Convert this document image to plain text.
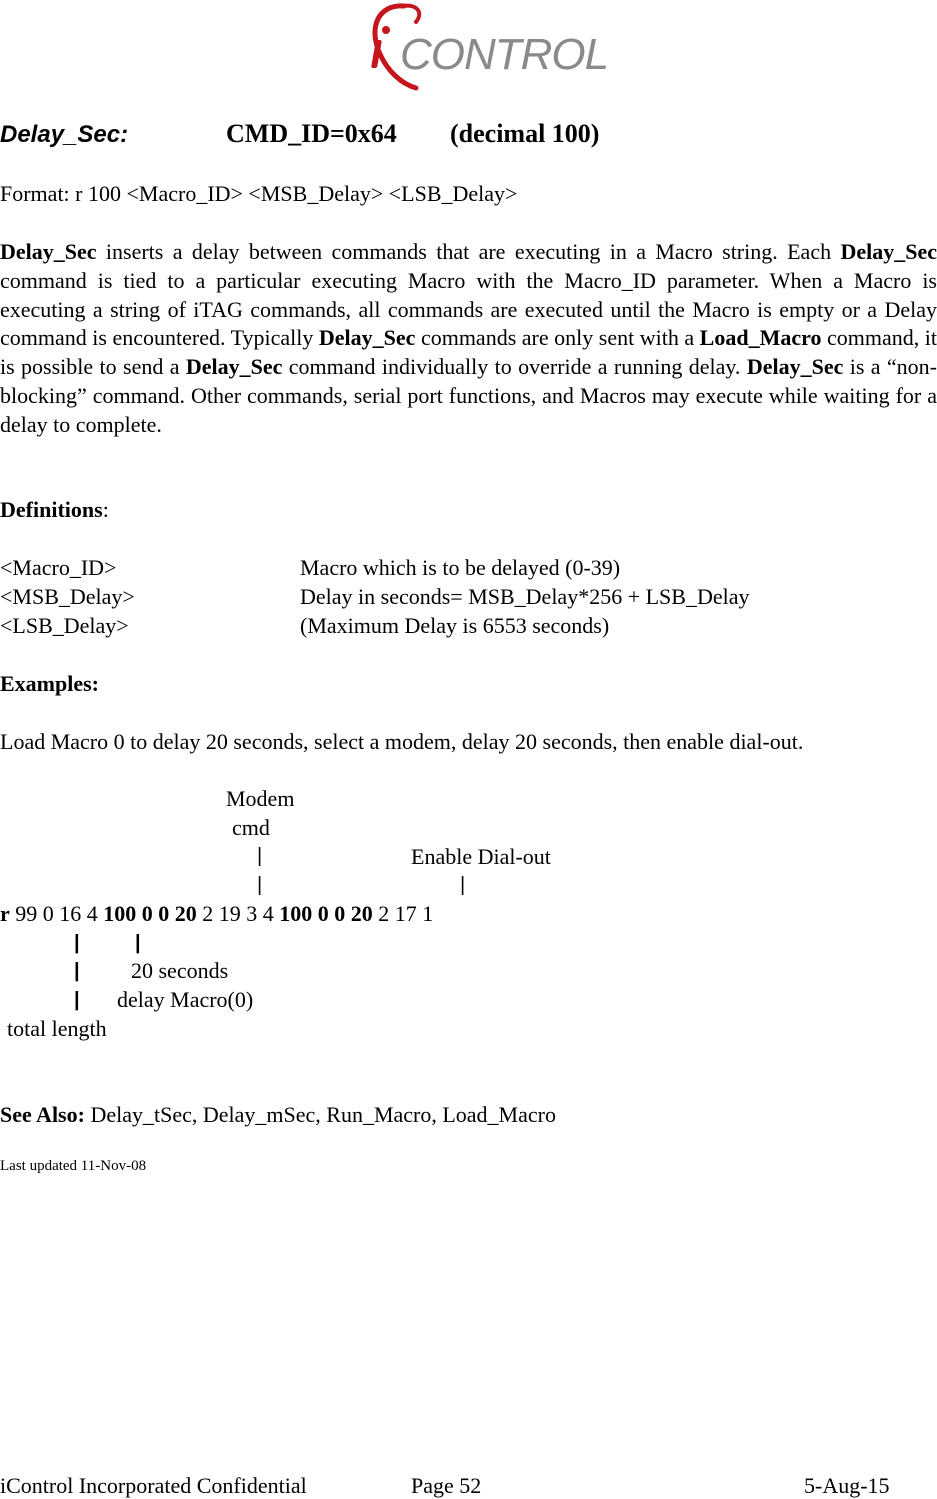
CONTROL
Delay_Sec:	CMD_ID=0x64 (decimal 100)
Format: r 100 <Macro_ID> <MSB_Delay> <LSB_Delay>
Delay_Sec inserts a delay between commands that are executing in a Macro string. Each Delay_Sec command is tied to a particular executing Macro with the Macro_ID parameter. When a Macro is executing a string of iTAG commands, all commands are executed until the Macro is empty or a Delay command is encountered. Typically Delay_Sec commands are only sent with a Load_Macro command, it is possible to send a Delay_Sec command individually to override a running delay. Delay_Sec is a “non-blocking” command. Other commands, serial port functions, and Macros may execute while waiting for a delay to complete.
Definitions:
<Macro_ID>	Macro which is to be delayed (0-39)
<MSB_Delay>	Delay in seconds= MSB_Delay*256 + LSB_Delay
<LSB_Delay>	(Maximum Delay is 6553 seconds)
Examples:
Load Macro 0 to delay 20 seconds, select a modem, delay 20 seconds, then enable dial-out.
Modem
cmd
|	Enable Dial-out
|	|
r 99 0 16 4 100 0 0 20 2 19 3 4 100 0 0 20 2 17 1
|	|
| 20 seconds
| delay Macro(0)
total length
See Also: Delay_tSec, Delay_mSec, Run_Macro, Load_Macro
Last updated 11-Nov-08
iControl Incorporated Confidential	Page 52	5-Aug-15
